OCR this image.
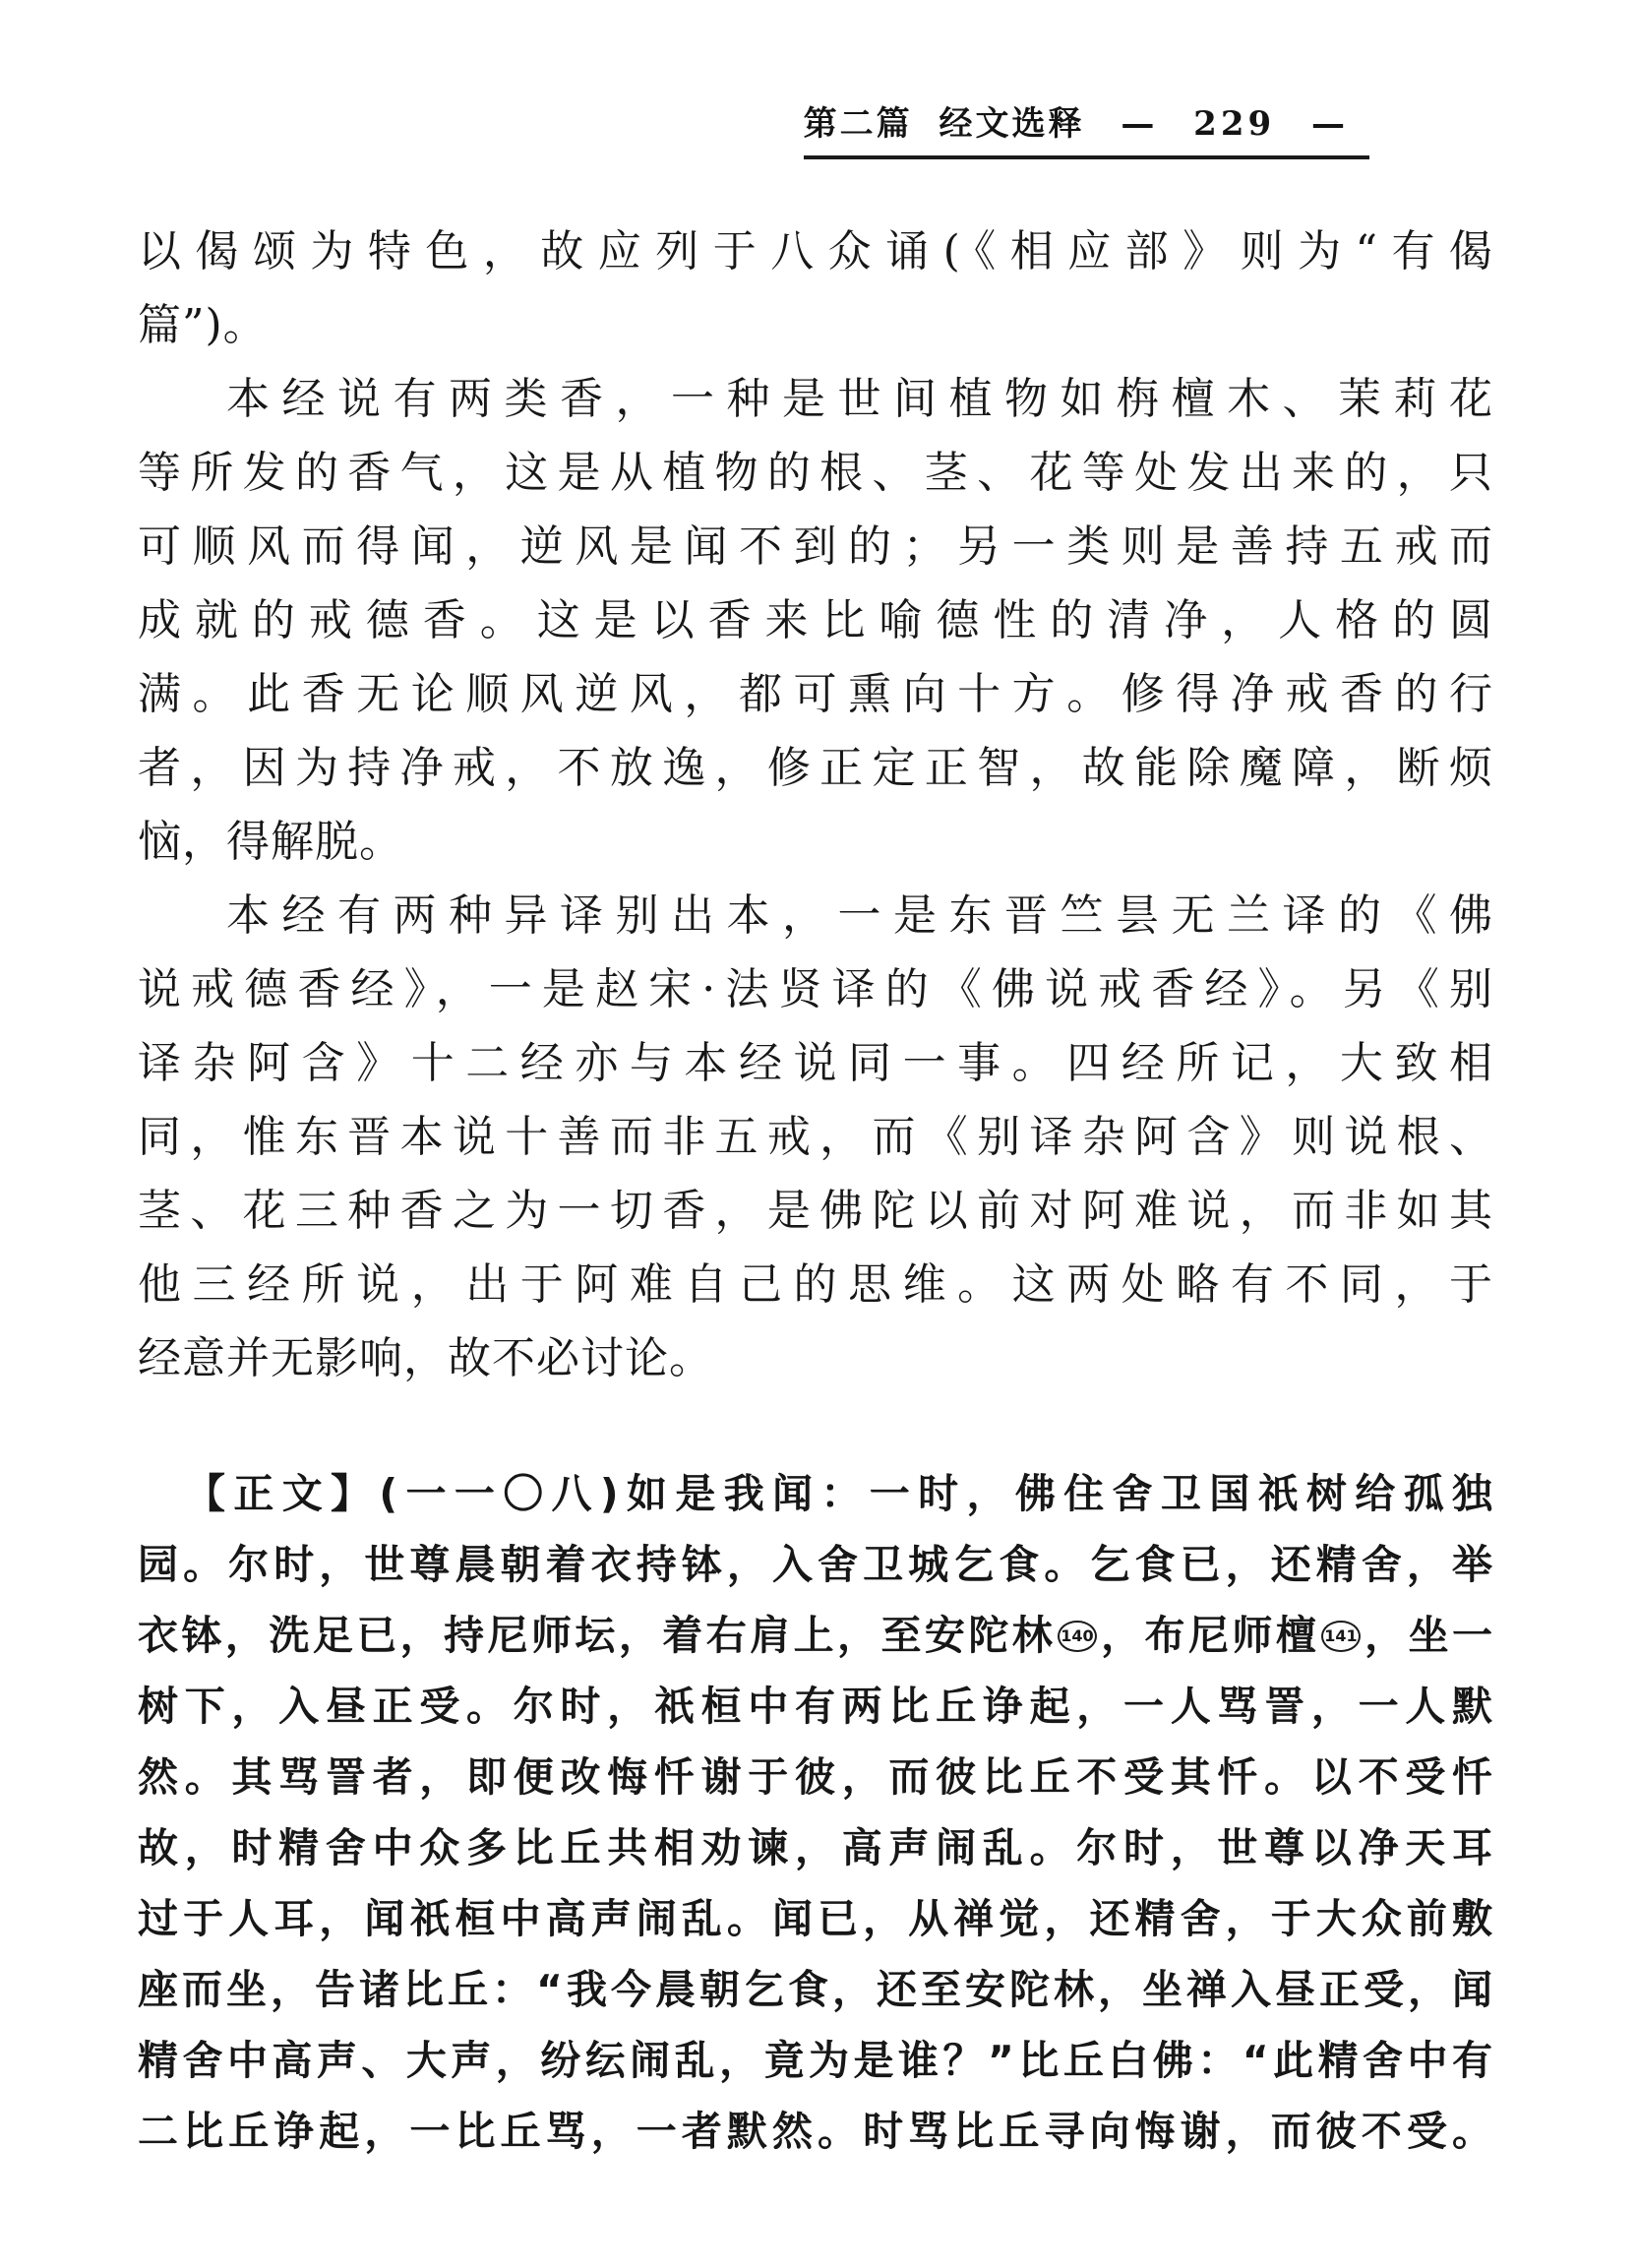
第二篇 经文选释 — 229 —
以偈颂为特色，故应列于八众诵(《相应部》则为“有偈
篇”)。
本经说有两类香，一种是世间植物如栴檀木、茉莉花
等所发的香气，这是从植物的根、茎、花等处发出来的，只
可顺风而得闻，逆风是闻不到的；另一类则是善持五戒而
成就的戒德香。这是以香来比喻德性的清净，人格的圆
满。此香无论顺风逆风，都可熏向十方。修得净戒香的行
者，因为持净戒，不放逸，修正定正智，故能除魔障，断烦
恼，得解脱。
本经有两种异译别出本，一是东晋竺昙无兰译的《佛
说戒德香经》，一是赵宋·法贤译的《佛说戒香经》。另《别
译杂阿含》十二经亦与本经说同一事。四经所记，大致相
同，惟东晋本说十善而非五戒，而《别译杂阿含》则说根、
茎、花三种香之为一切香，是佛陀以前对阿难说，而非如其
他三经所说，出于阿难自己的思维。这两处略有不同，于
经意并无影响，故不必讨论。
【正文】(一一〇八)如是我闻：一时，佛住舍卫国祇树给孤独
园。尔时，世尊晨朝着衣持钵，入舍卫城乞食。乞食已，还精舍，举
衣钵，洗足已，持尼师坛，着右肩上，至安陀林 140 ，布尼师檀 141 ，坐一
树下，入昼正受。尔时，祇桓中有两比丘诤起，一人骂詈，一人默
然。其骂詈者，即便改悔忏谢于彼，而彼比丘不受其忏。以不受忏
故，时精舍中众多比丘共相劝谏，高声闹乱。尔时，世尊以净天耳
过于人耳，闻祇桓中高声闹乱。闻已，从禅觉，还精舍，于大众前敷
座而坐，告诸比丘：“我今晨朝乞食，还至安陀林，坐禅入昼正受，闻
精舍中高声、大声，纷纭闹乱，竟为是谁？”比丘白佛：“此精舍中有
二比丘诤起，一比丘骂，一者默然。时骂比丘寻向悔谢，而彼不受。
